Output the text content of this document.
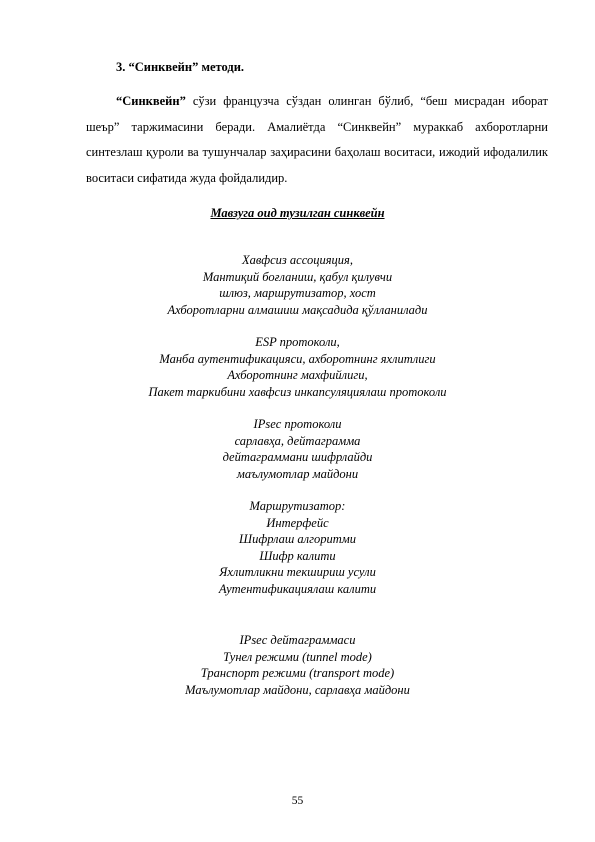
3. “Синквейн” методи.

“Синквейн” сўзи французча сўздан олинган бўлиб, “беш мисрадан иборат шеър” таржимасини беради. Амалиётда “Синквейн” мураккаб ахборотларни синтезлаш қуроли ва тушунчалар заҳирасини баҳолаш воситаси, ижодий ифодалилик воситаси сифатида жуда фойдалидир.

Мавзуга оид тузилган синквейн
Хавфсиз ассоцияция,
Мантиқий боғланиш, қабул қилувчи
шлюз, маршрутизатор, хост
Ахборотларни алмашиш мақсадида қўлланилади
ESP протоколи,
Манба аутентификацияси, ахборотнинг яхлитлиги
Ахборотнинг махфийлиги,
Пакет таркибини хавфсиз инкапсуляциялаш протоколи
IPsec протоколи
сарлавҳа, дейтаграмма
дейтаграммани шифрлайди
маълумотлар майдони
Маршрутизатор:
Интерфейс
Шифрлаш алгоритми
Шифр калити
Яхлитликни текшириш усули
Аутентификациялаш калити
IPsec дейтаграммаси
Тунел режими (tunnel mode)
Транспорт режими (transport mode)
Маълумотлар майдони, сарлавҳа майдони
55
